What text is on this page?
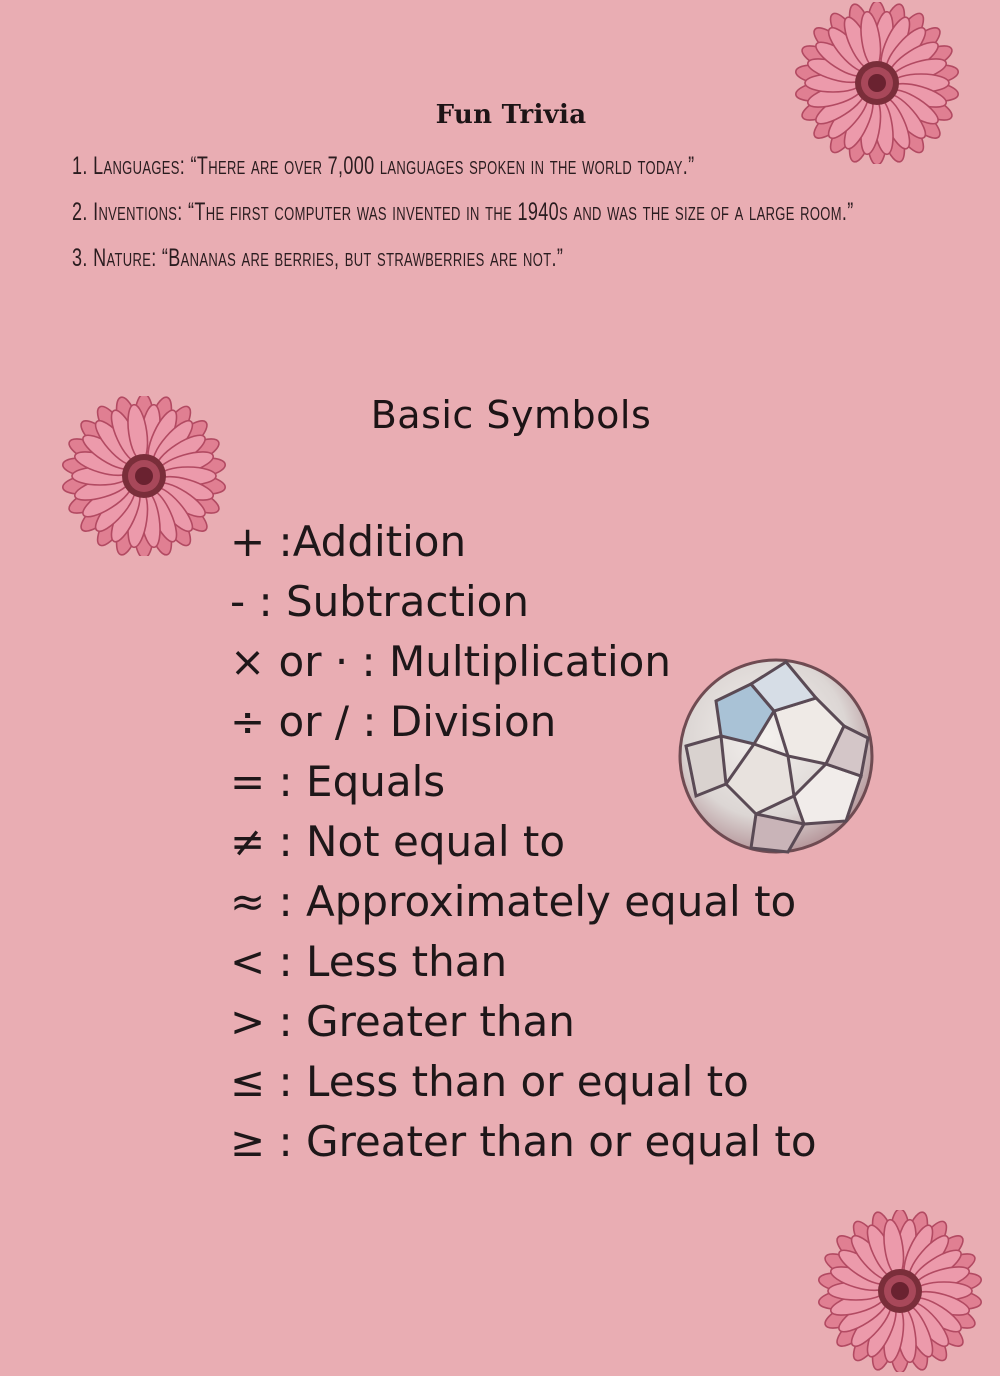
Fun Trivia
1. Languages: “There are over 7,000 languages spoken in the world today.”
2. Inventions: “The first computer was invented in the 1940s and was the size of a large room.”
3. Nature: “Bananas are berries, but strawberries are not.”
Basic Symbols
+ :Addition
- : Subtraction
× or · : Multiplication
÷ or / : Division
= : Equals
≠ : Not equal to
≈ : Approximately equal to
< : Less than
> : Greater than
≤ : Less than or equal to
≥ : Greater than or equal to
